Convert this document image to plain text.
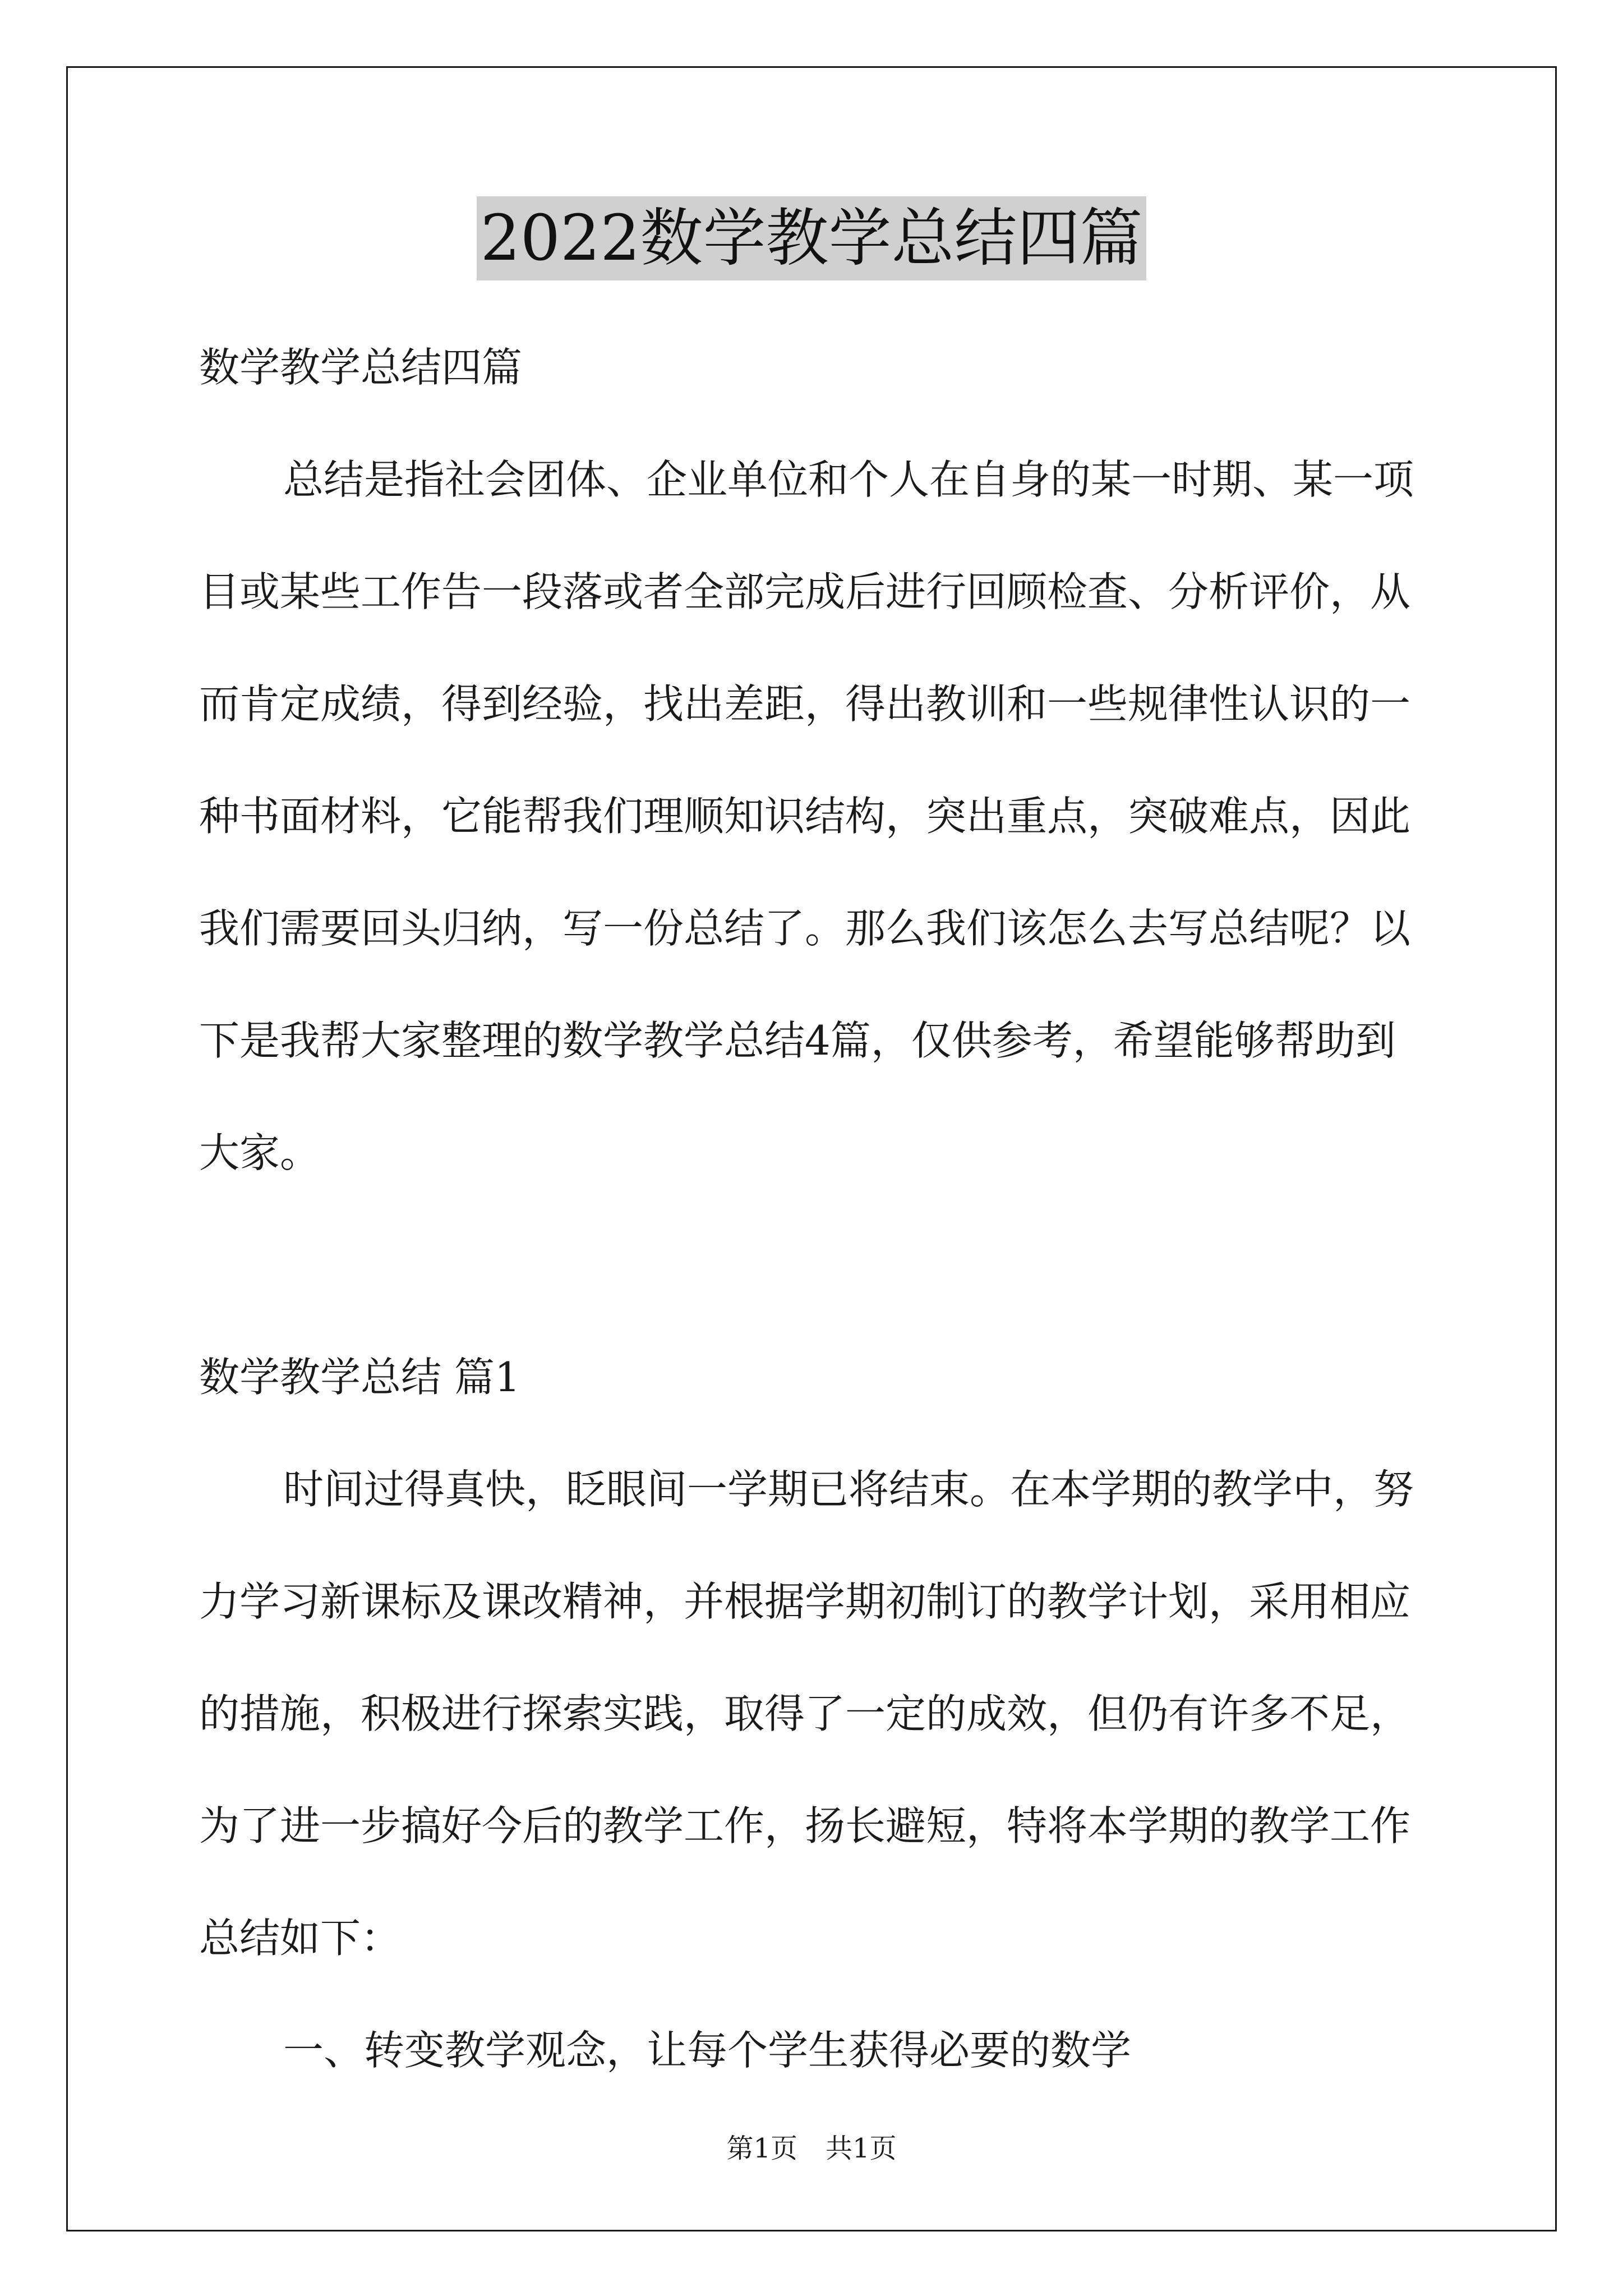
2022数学教学总结四篇
数学教学总结四篇
总结是指社会团体、企业单位和个人在自身的某一时期、某一项
目或某些工作告一段落或者全部完成后进行回顾检查、分析评价，从
而肯定成绩，得到经验，找出差距，得出教训和一些规律性认识的一
种书面材料，它能帮我们理顺知识结构，突出重点，突破难点，因此
我们需要回头归纳，写一份总结了。那么我们该怎么去写总结呢？以
下是我帮大家整理的数学教学总结4篇，仅供参考，希望能够帮助到
大家。
数学教学总结 篇1
时间过得真快，眨眼间一学期已将结束。在本学期的教学中，努
力学习新课标及课改精神，并根据学期初制订的教学计划，采用相应
的措施，积极进行探索实践，取得了一定的成效，但仍有许多不足，
为了进一步搞好今后的教学工作，扬长避短，特将本学期的教学工作
总结如下：
一、转变教学观念，让每个学生获得必要的数学
第1页 共1页
